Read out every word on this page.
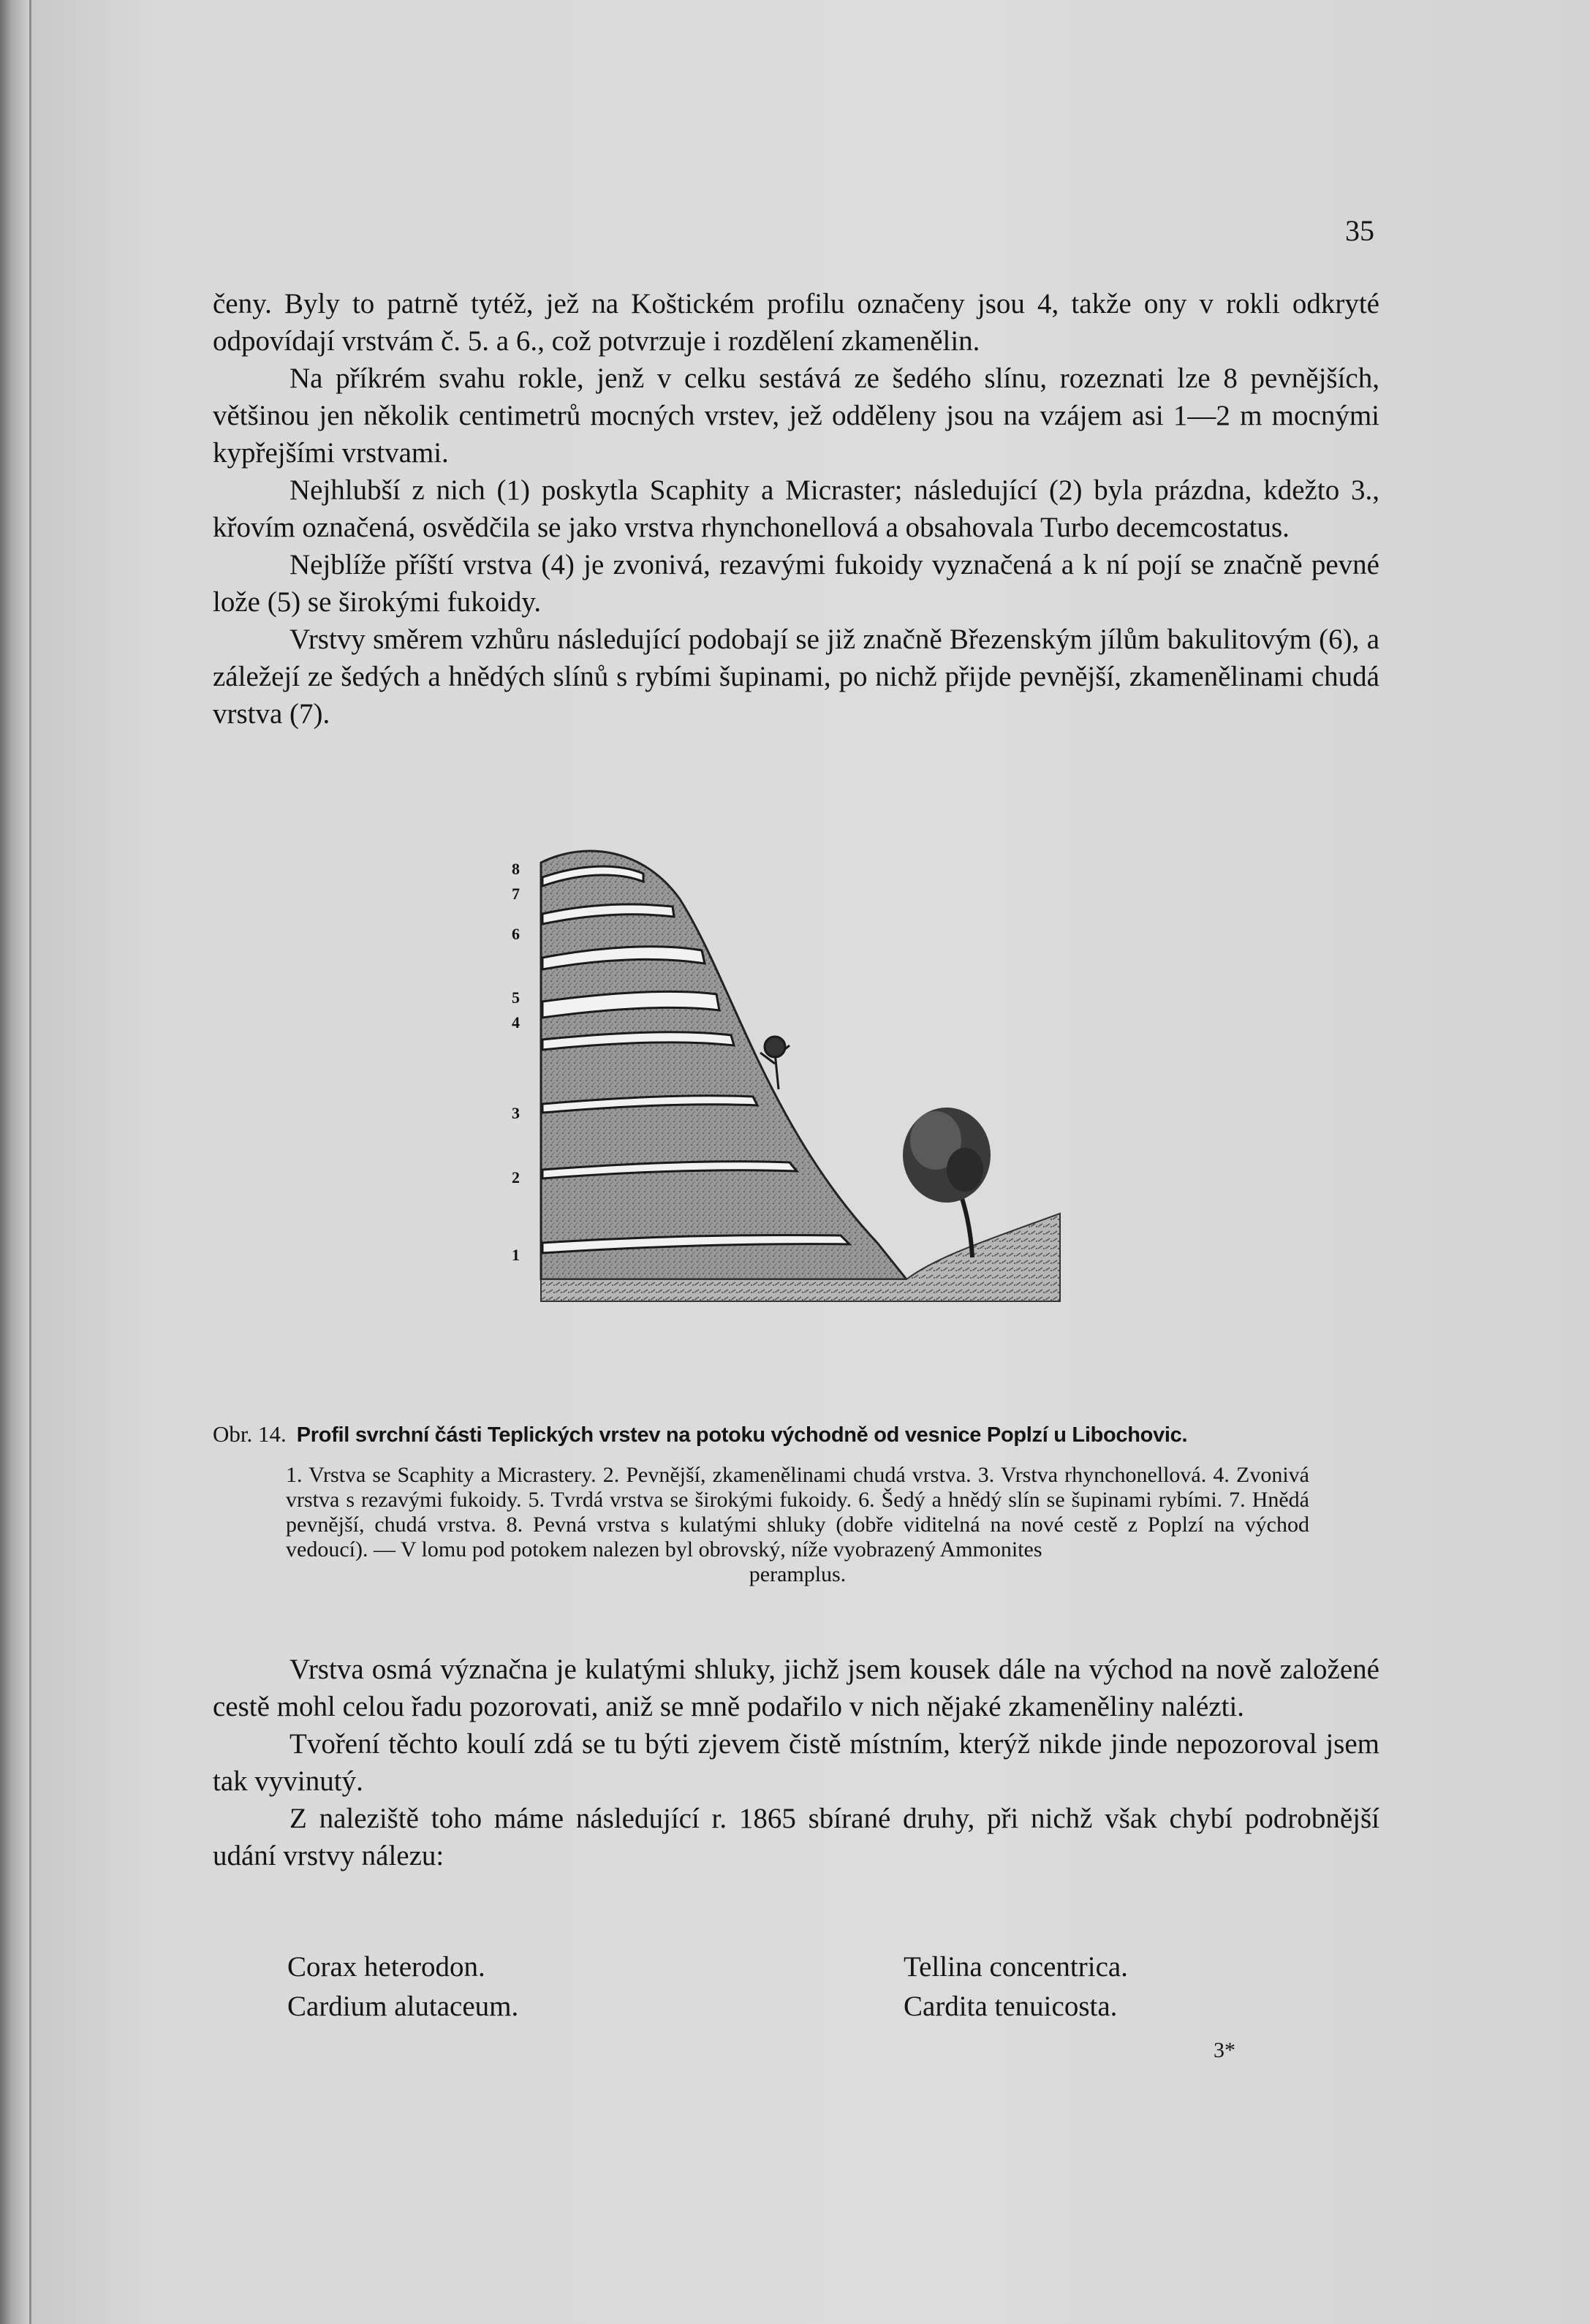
35

čeny. Byly to patrně tytéž, jež na Koštickém profilu označeny jsou 4, takže ony v rokli odkryté odpovídají vrstvám č. 5. a 6., což potvrzuje i rozdělení zkamenělin.

Na příkrém svahu rokle, jenž v celku sestává ze šedého slínu, rozeznati lze 8 pevnějších, většinou jen několik centimetrů mocných vrstev, jež odděleny jsou na vzájem asi 1—2 m mocnými kypřejšími vrstvami.

Nejhlubší z nich (1) poskytla Scaphity a Micraster; následující (2) byla prázdna, kdežto 3., křovím označená, osvědčila se jako vrstva rhynchonellová a obsahovala Turbo decemcostatus.

Nejblíže příští vrstva (4) je zvonivá, rezavými fukoidy vyznačená a k ní pojí se značně pevné lože (5) se širokými fukoidy.

Vrstvy směrem vzhůru následující podobají se již značně Březenským jílům bakulitovým (6), a záležejí ze šedých a hnědých slínů s rybími šupinami, po nichž přijde pevnější, zkamenělinami chudá vrstva (7).

8
7
6
5
4
3
2
1
Obr. 14. Profil svrchní části Teplických vrstev na potoku východně od vesnice Poplzí u Libochovic.

1. Vrstva se Scaphity a Micrastery. 2. Pevnější, zkamenělinami chudá vrstva. 3. Vrstva rhynchonellová. 4. Zvonivá vrstva s rezavými fukoidy. 5. Tvrdá vrstva se širokými fukoidy. 6. Šedý a hnědý slín se šupinami rybími. 7. Hnědá pevnější, chudá vrstva. 8. Pevná vrstva s kulatými shluky (dobře viditelná na nové cestě z Poplzí na východ vedoucí). — V lomu pod potokem nalezen byl obrovský, níže vyobrazený Ammonites

peramplus.

Vrstva osmá význačna je kulatými shluky, jichž jsem kousek dále na východ na nově založené cestě mohl celou řadu pozorovati, aniž se mně podařilo v nich nějaké zkameněliny nalézti.

Tvoření těchto koulí zdá se tu býti zjevem čistě místním, kterýž nikde jinde nepozoroval jsem tak vyvinutý.

Z naleziště toho máme následující r. 1865 sbírané druhy, při nichž však chybí podrobnější udání vrstvy nálezu:

Corax heterodon.
Cardium alutaceum.
Tellina concentrica.
Cardita tenuicosta.
3*
